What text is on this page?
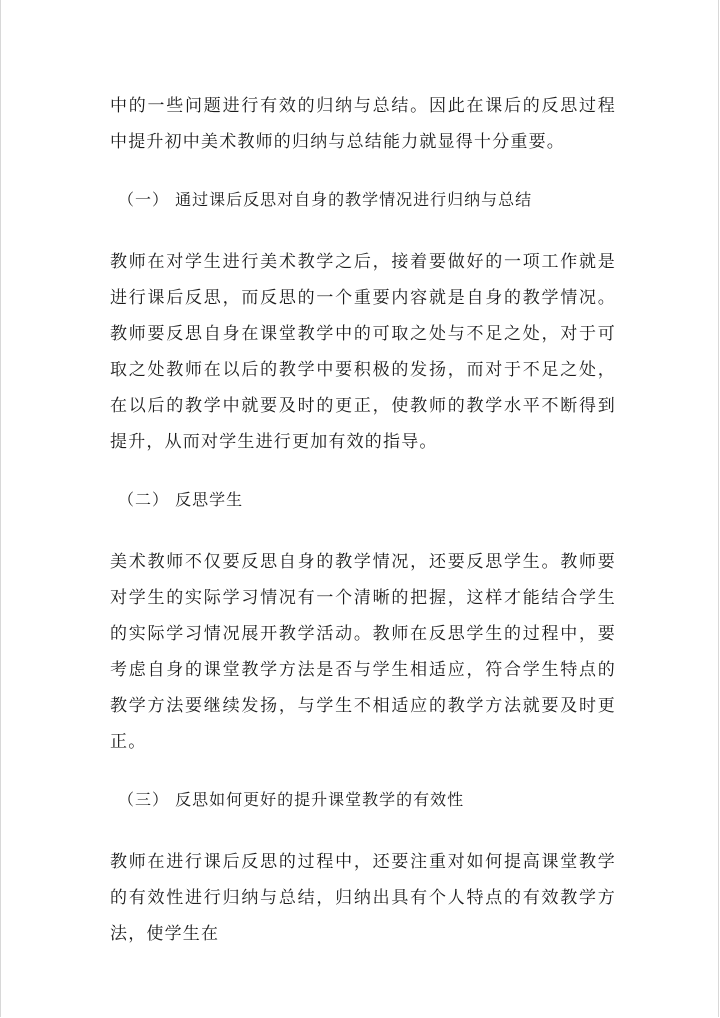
中的一些问题进行有效的归纳与总结。因此在课后的反思过程中提升初中美术教师的归纳与总结能力就显得十分重要。

（一） 通过课后反思对自身的教学情况进行归纳与总结

教师在对学生进行美术教学之后，接着要做好的一项工作就是进行课后反思，而反思的一个重要内容就是自身的教学情况。教师要反思自身在课堂教学中的可取之处与不足之处，对于可取之处教师在以后的教学中要积极的发扬，而对于不足之处，在以后的教学中就要及时的更正，使教师的教学水平不断得到提升，从而对学生进行更加有效的指导。

（二） 反思学生

美术教师不仅要反思自身的教学情况，还要反思学生。教师要对学生的实际学习情况有一个清晰的把握，这样才能结合学生的实际学习情况展开教学活动。教师在反思学生的过程中，要考虑自身的课堂教学方法是否与学生相适应，符合学生特点的教学方法要继续发扬，与学生不相适应的教学方法就要及时更正。

（三） 反思如何更好的提升课堂教学的有效性

教师在进行课后反思的过程中，还要注重对如何提高课堂教学的有效性进行归纳与总结，归纳出具有个人特点的有效教学方法，使学生在
